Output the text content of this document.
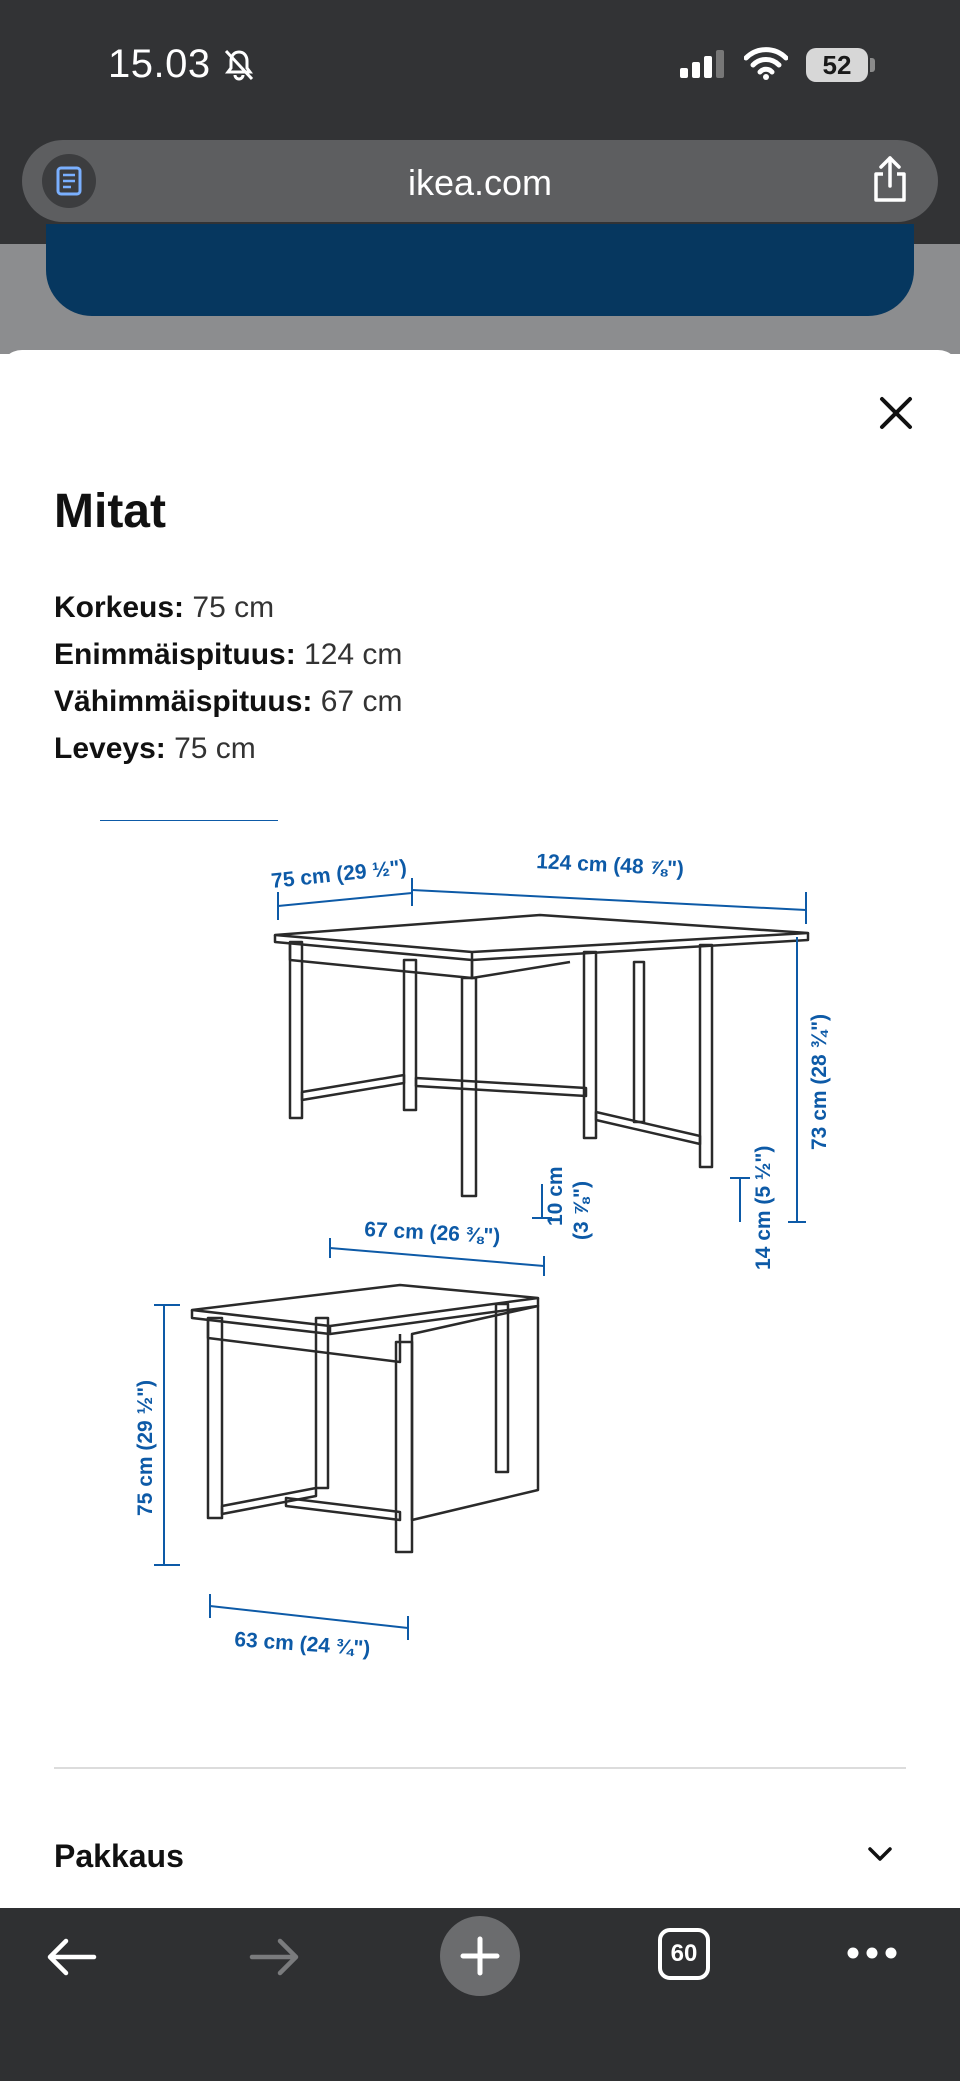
15.03	52
ikea.com
Mitat
Korkeus: 75 cm
Enimmäispituus: 124 cm
Vähimmäispituus: 67 cm
Leveys: 75 cm
75 cm (29 ½")	124 cm (48 ⅞")
73 cm (28 ¾")
10 cm (3 ⅞")	14 cm (5 ½")
67 cm (26 ⅜")
75 cm (29 ½")
63 cm (24 ¾")
Pakkaus
60
